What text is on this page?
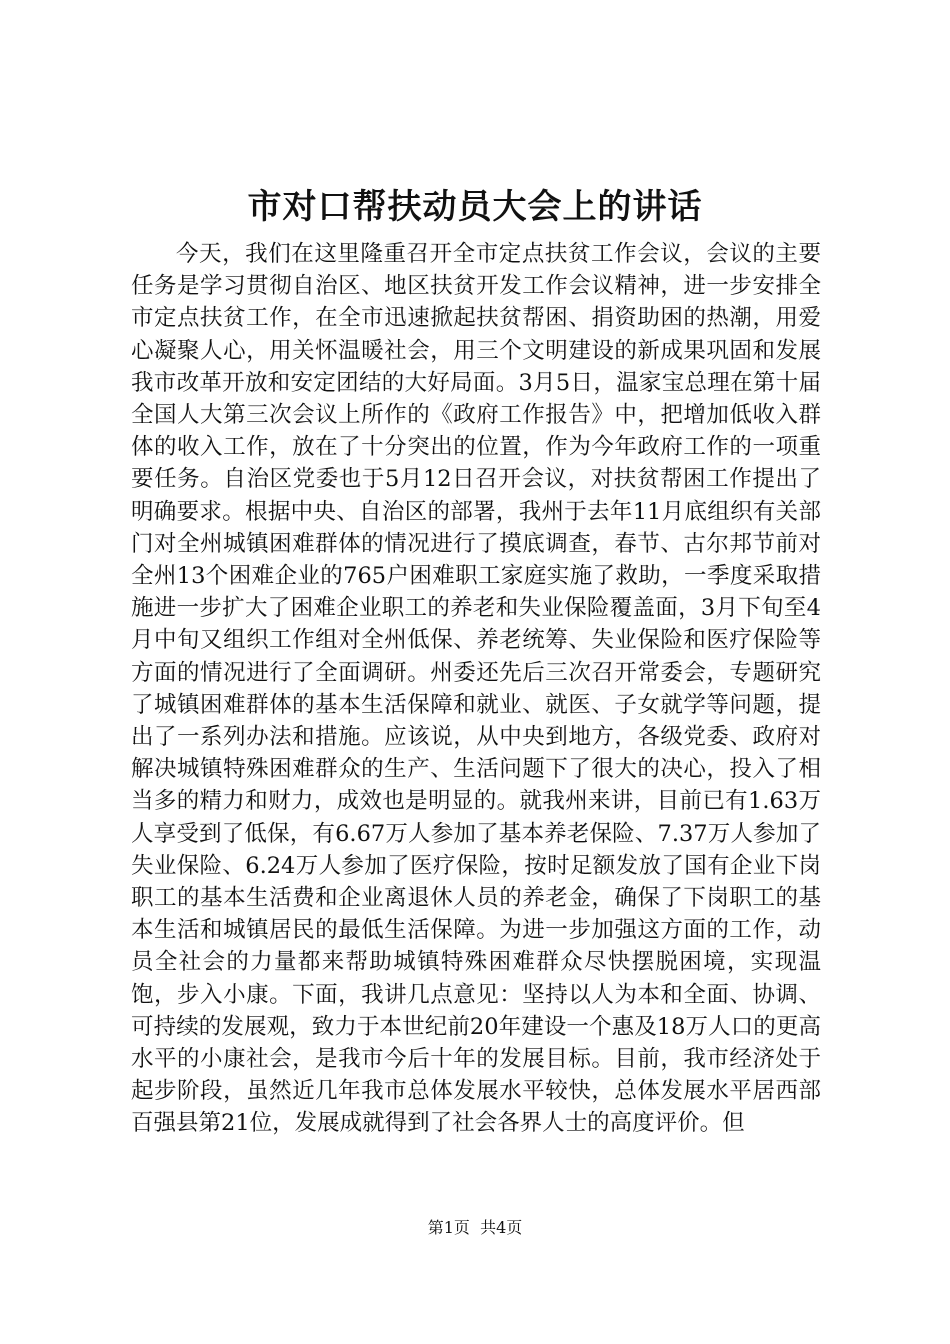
市对口帮扶动员大会上的讲话

今天，我们在这里隆重召开全市定点扶贫工作会议，会议的主要任务是学习贯彻自治区、地区扶贫开发工作会议精神，进一步安排全市定点扶贫工作，在全市迅速掀起扶贫帮困、捐资助困的热潮，用爱心凝聚人心，用关怀温暖社会，用三个文明建设的新成果巩固和发展我市改革开放和安定团结的大好局面。3月5日，温家宝总理在第十届全国人大第三次会议上所作的《政府工作报告》中，把增加低收入群体的收入工作，放在了十分突出的位置，作为今年政府工作的一项重要任务。自治区党委也于5月12日召开会议，对扶贫帮困工作提出了明确要求。根据中央、自治区的部署，我州于去年11月底组织有关部门对全州城镇困难群体的情况进行了摸底调查，春节、古尔邦节前对全州13个困难企业的765户困难职工家庭实施了救助，一季度采取措施进一步扩大了困难企业职工的养老和失业保险覆盖面，3月下旬至4月中旬又组织工作组对全州低保、养老统筹、失业保险和医疗保险等方面的情况进行了全面调研。州委还先后三次召开常委会，专题研究了城镇困难群体的基本生活保障和就业、就医、子女就学等问题，提出了一系列办法和措施。应该说，从中央到地方，各级党委、政府对解决城镇特殊困难群众的生产、生活问题下了很大的决心，投入了相当多的精力和财力，成效也是明显的。就我州来讲，目前已有1.63万人享受到了低保，有6.67万人参加了基本养老保险、7.37万人参加了失业保险、6.24万人参加了医疗保险，按时足额发放了国有企业下岗职工的基本生活费和企业离退休人员的养老金，确保了下岗职工的基本生活和城镇居民的最低生活保障。为进一步加强这方面的工作，动员全社会的力量都来帮助城镇特殊困难群众尽快摆脱困境，实现温饱，步入小康。下面，我讲几点意见：坚持以人为本和全面、协调、可持续的发展观，致力于本世纪前20年建设一个惠及18万人口的更高水平的小康社会，是我市今后十年的发展目标。目前，我市经济处于起步阶段，虽然近几年我市总体发展水平较快，总体发展水平居西部百强县第21位，发展成就得到了社会各界人士的高度评价。但

第1页  共4页
